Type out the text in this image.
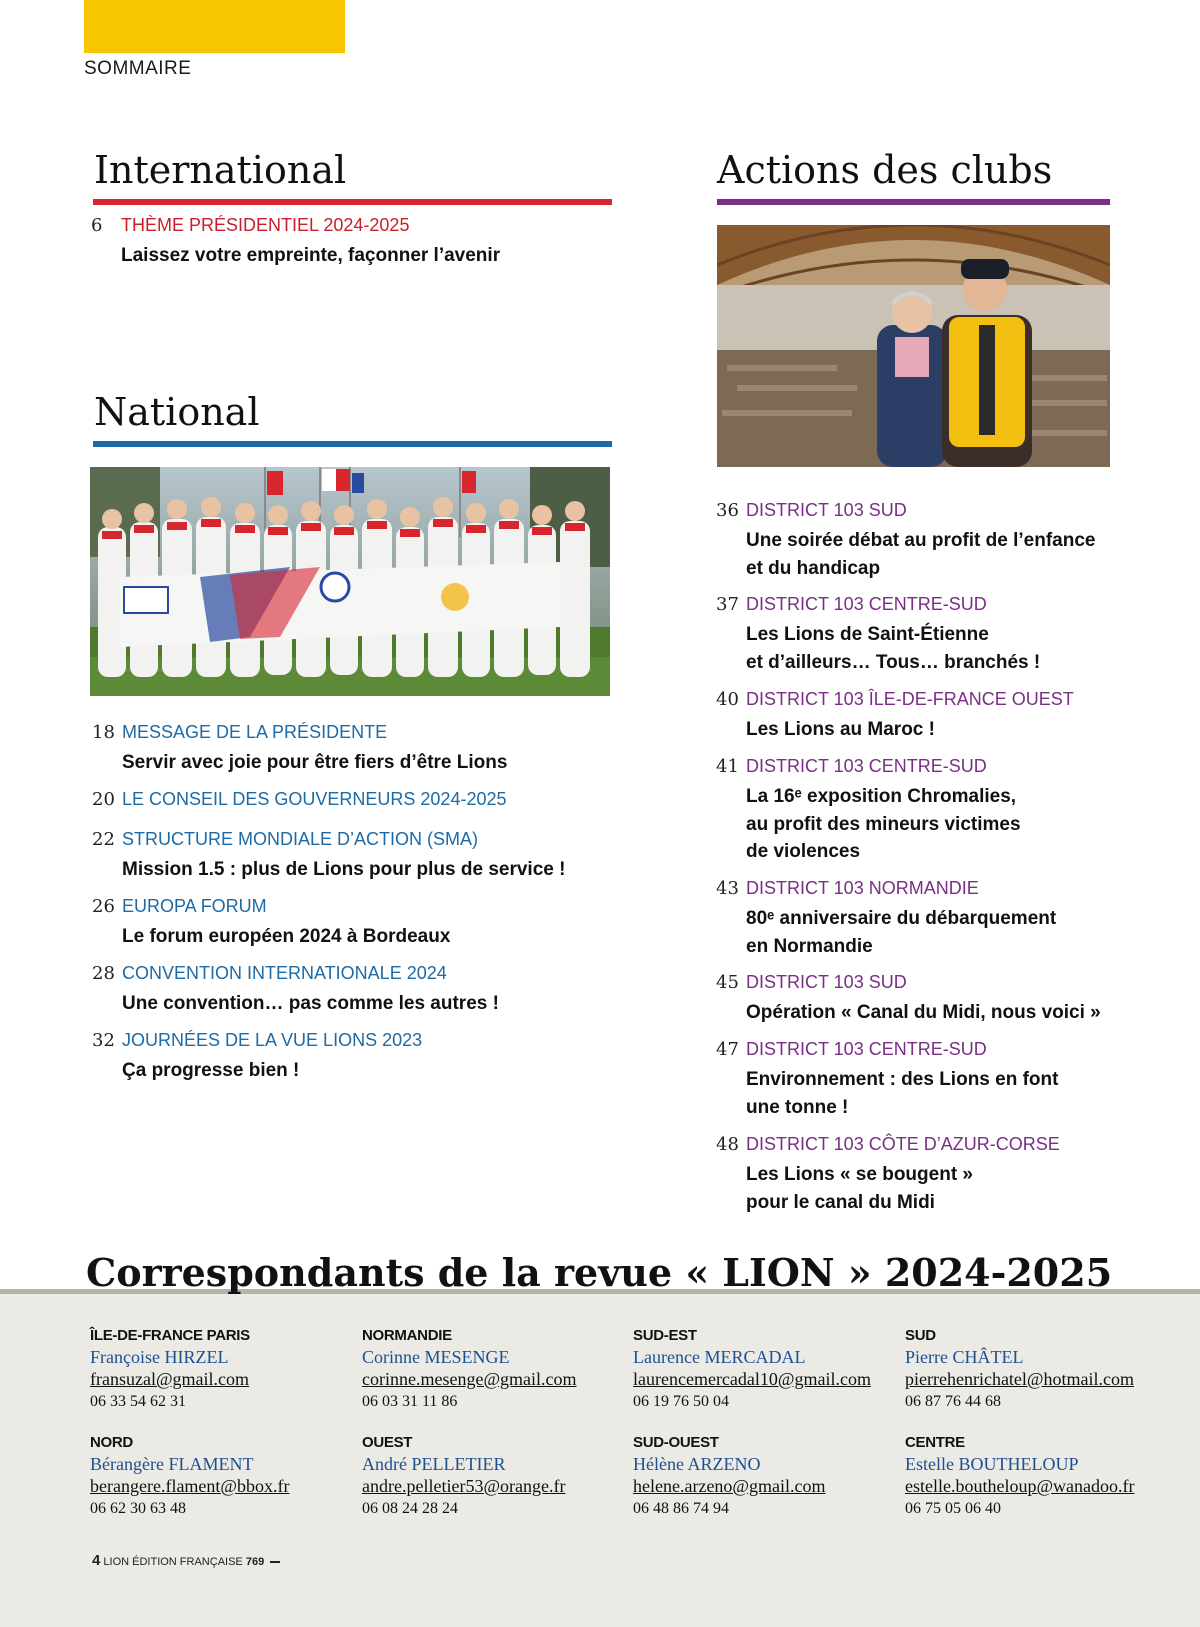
SOMMAIRE
International
6	THÈME PRÉSIDENTIEL 2024-2025
Laissez votre empreinte, façonner l’avenir
National
18 MESSAGE DE LA PRÉSIDENTE
Servir avec joie pour être fiers d’être Lions
20 LE CONSEIL DES GOUVERNEURS 2024-2025
22 STRUCTURE MONDIALE D’ACTION (SMA)
Mission 1.5 : plus de Lions pour plus de service !
26 EUROPA FORUM
Le forum européen 2024 à Bordeaux
28 CONVENTION INTERNATIONALE 2024
Une convention… pas comme les autres !
32 JOURNÉES DE LA VUE LIONS 2023
Ça progresse bien !
Actions des clubs
36 DISTRICT 103 SUD
Une soirée débat au profit de l’enfance
et du handicap
37 DISTRICT 103 CENTRE-SUD
Les Lions de Saint-Étienne
et d’ailleurs… Tous… branchés !
40 DISTRICT 103 ÎLE-DE-FRANCE OUEST
Les Lions au Maroc !
41 DISTRICT 103 CENTRE-SUD
La 16ᵉ exposition Chromalies,
au profit des mineurs victimes
de violences
43 DISTRICT 103 NORMANDIE
80ᵉ anniversaire du débarquement
en Normandie
45 DISTRICT 103 SUD
Opération « Canal du Midi, nous voici »
47 DISTRICT 103 CENTRE-SUD
Environnement : des Lions en font
une tonne !
48 DISTRICT 103 CÔTE D’AZUR-CORSE
Les Lions « se bougent »
pour le canal du Midi
Correspondants de la revue « LION » 2024-2025
ÎLE-DE-FRANCE PARIS
Françoise HIRZEL
fransuzal@gmail.com
06 33 54 62 31
NORMANDIE
Corinne MESENGE
corinne.mesenge@gmail.com
06 03 31 11 86
SUD-EST
Laurence MERCADAL
laurencemercadal10@gmail.com
06 19 76 50 04
SUD
Pierre CHÂTEL
pierrehenrichatel@hotmail.com
06 87 76 44 68
NORD
Bérangère FLAMENT
berangere.flament@bbox.fr
06 62 30 63 48
OUEST
André PELLETIER
andre.pelletier53@orange.fr
06 08 24 28 24
SUD-OUEST
Hélène ARZENO
helene.arzeno@gmail.com
06 48 86 74 94
CENTRE
Estelle BOUTHELOUP
estelle.boutheloup@wanadoo.fr
06 75 05 06 40
4 LION ÉDITION FRANÇAISE 769
